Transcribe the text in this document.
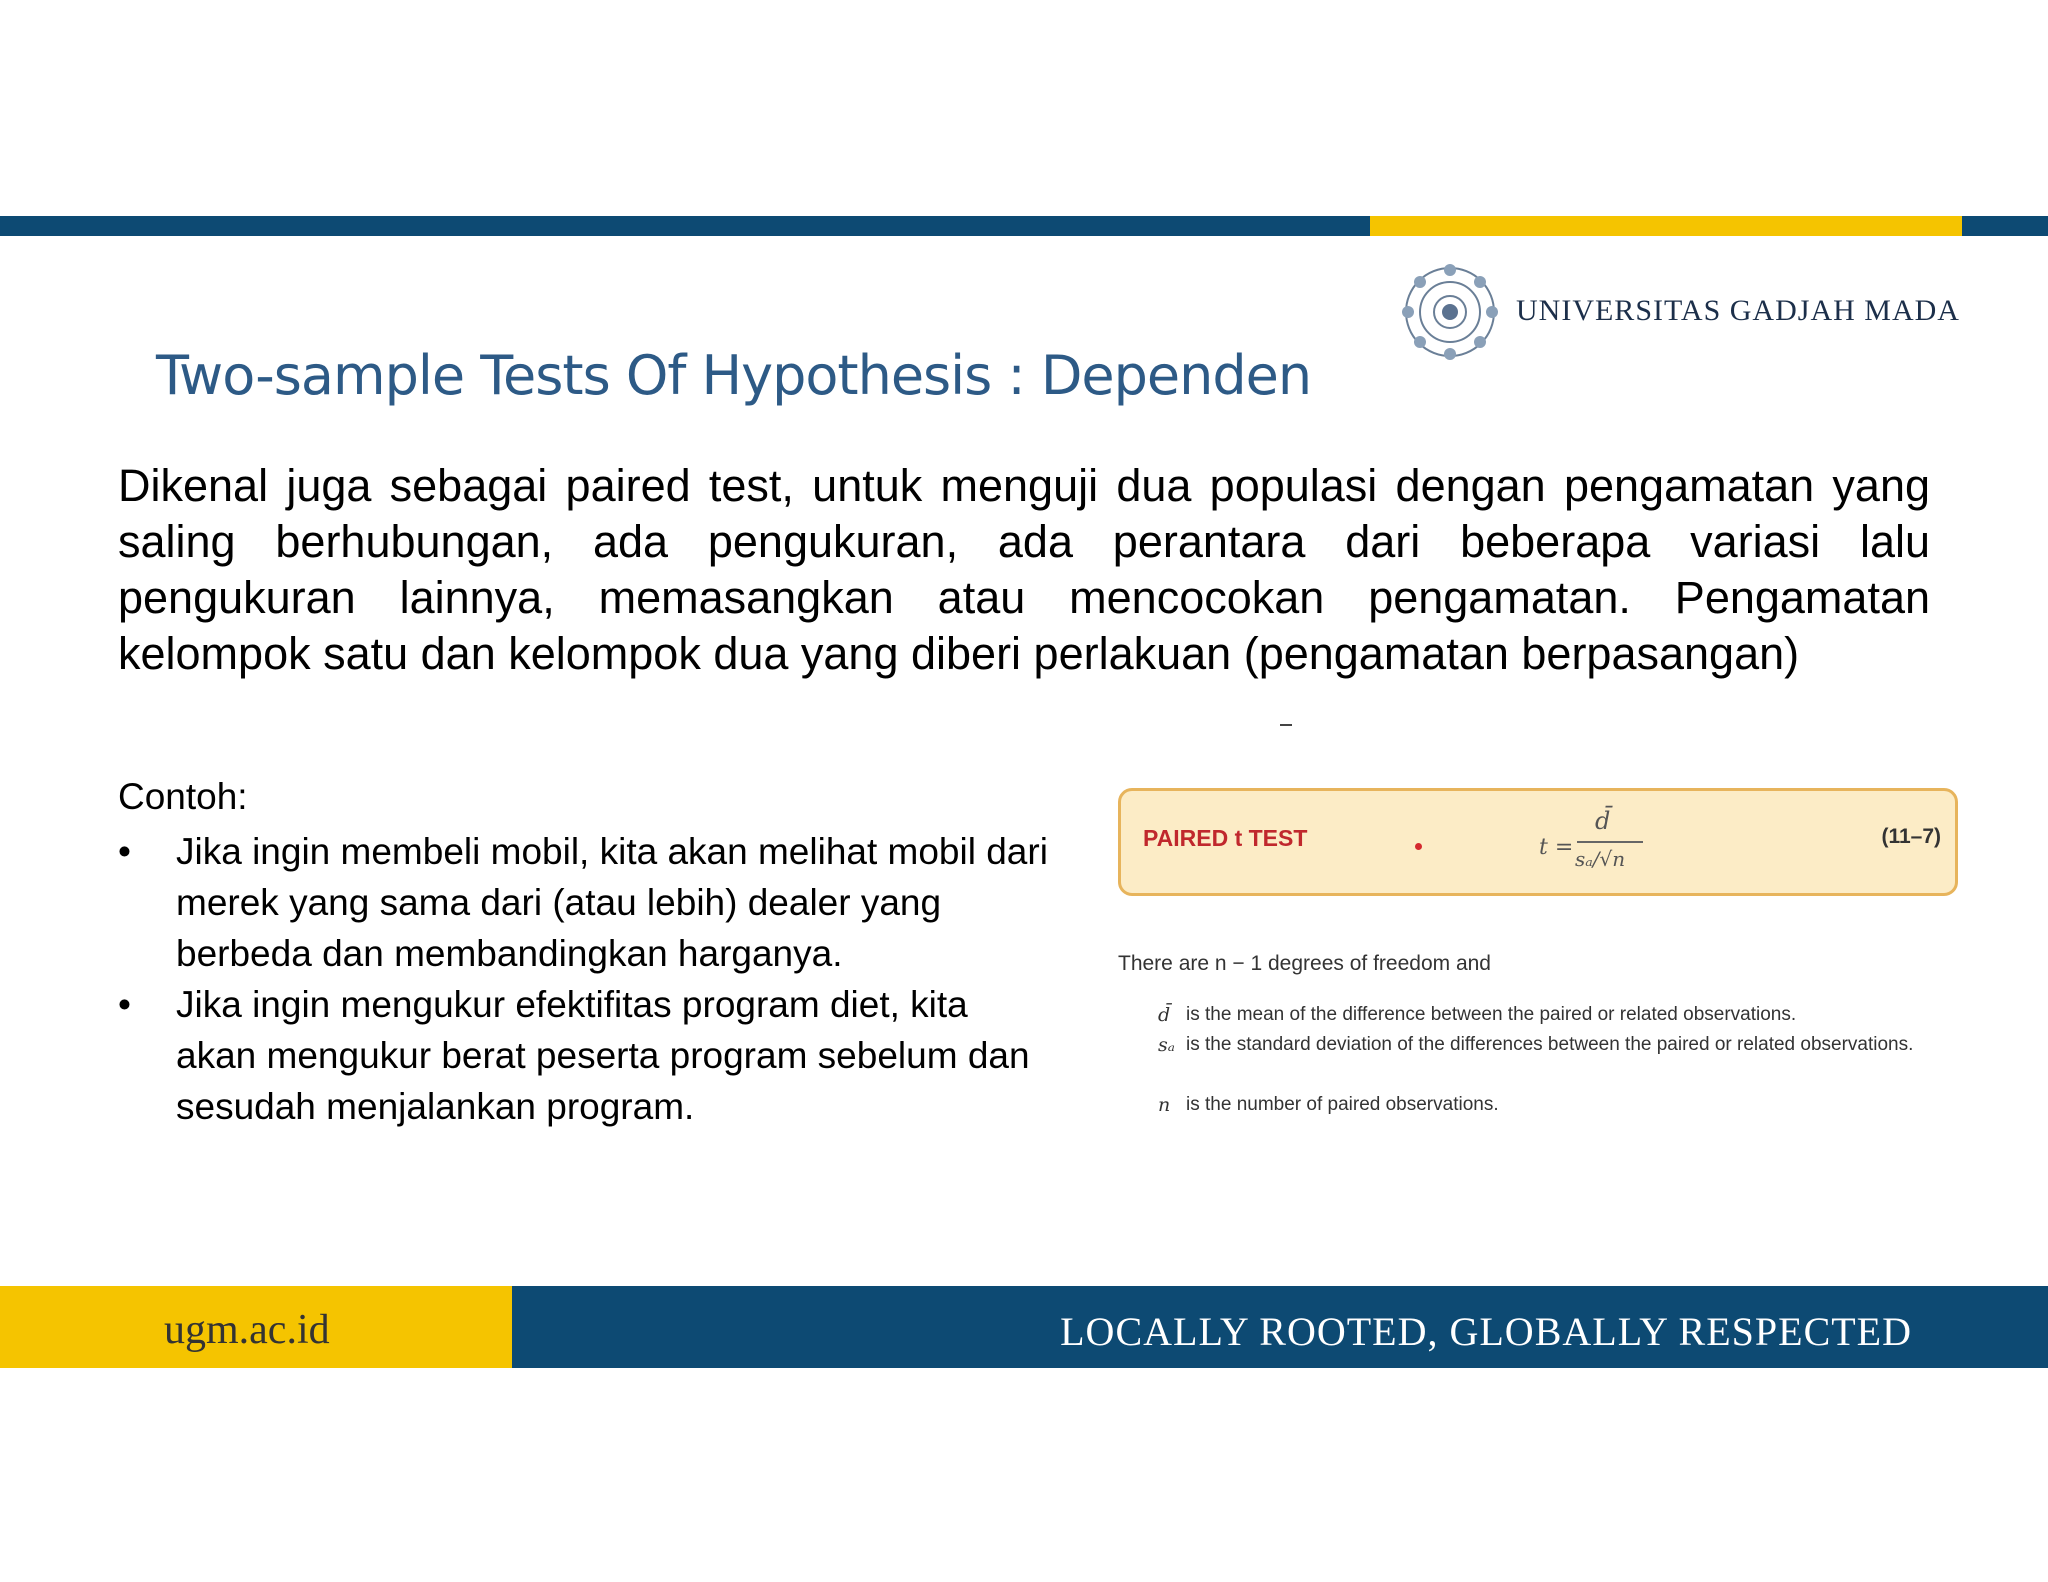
UNIVERSITAS GADJAH MADA
Two-sample Tests Of Hypothesis : Dependen

Dikenal juga sebagai paired test, untuk menguji dua populasi dengan pengamatan yang saling berhubungan, ada pengukuran, ada perantara dari beberapa variasi lalu pengukuran lainnya, memasangkan atau mencocokan pengamatan. Pengamatan kelompok satu dan kelompok dua yang diberi perlakuan (pengamatan berpasangan)

Contoh:
• Jika ingin membeli mobil, kita akan melihat mobil dari merek yang sama dari (atau lebih) dealer yang berbeda dan membandingkan harganya.
• Jika ingin mengukur efektifitas program diet, kita akan mengukur berat peserta program sebelum dan sesudah menjalankan program.
PAIRED t TEST	t =
d̄
sₐ/√n
(11–7)
There are n − 1 degrees of freedom and
d̄ is the mean of the difference between the paired or related observations.
sₐ is the standard deviation of the differences between the paired or related observations.
n is the number of paired observations.
ugm.ac.id	LOCALLY ROOTED, GLOBALLY RESPECTED
